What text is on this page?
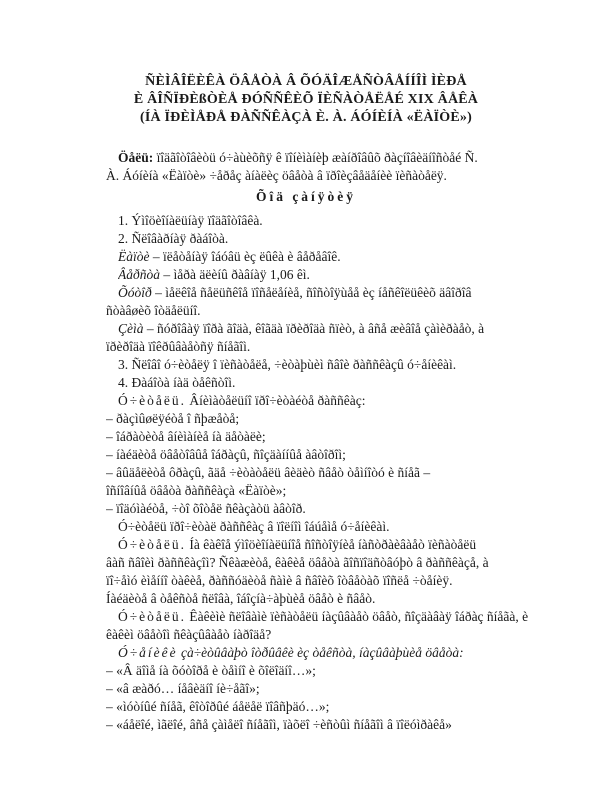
ÑÈÌÂÎËÈÊÀ ÖÂÅÒÀ Â ÕÓÄÎÆÅÑÒÂÅÍÍÎÌ ÌÈÐÅ
È ÂÎÑÏÐÈßÒÈÅ ÐÓÑÑÊÈÕ ÏÈÑÀÒÅËÅÉ XIX ÂÅÊÀ
(ÍÀ ÏÐÈÌÅÐÅ ÐÀÑÑÊÀÇÀ È. À. ÁÓÍÈÍÀ «ËÀÏÒÈ»)
Öåëü: ïîäãîòîâèòü ó÷àùèõñÿ ê ïîíèìàíèþ æàíðîâûõ ðàçíîâèäíîñòåé Ñ.
À. Áóíèíà «Ëàïòè» ÷åðåç àíàëèç öâåòà â ïðîèçâåäåíèè ïèñàòåëÿ.
Õîä çàíÿòèÿ
1. Ýìîöèîíàëüíàÿ ïîäãîòîâêà.
2. Ñëîâàðíàÿ ðàáîòà.
Ëàïòè – ïëåòåíàÿ îáóâü èç ëûêà è âåðåâîê.
Âåðñòà – ìåðà äëèíû ðàâíàÿ 1,06 êì.
Õóòîð – ìåëêîå ñåëüñêîå ïîñåëåíèå, ñîñòîÿùåå èç íåñêîëüêèõ äâîðîâ
ñòàâøèõ îòäåëüíî.
Çèìà – ñóðîâàÿ ïîðà ãîäà, êîãäà ïðèðîäà ñïèò, à âñå æèâîå çàìèðàåò, à
ïðèðîäà ïîêðûâàåòñÿ ñíåãîì.
3. Ñëîâî ó÷èòåëÿ î ïèñàòåëå, ÷èòàþùèì ñâîè ðàññêàçû ó÷åíèêàì.
4. Ðàáîòà íàä òåêñòîì.
Ó÷èòåëü. Âíèìàòåëüíî ïðî÷èòàéòå ðàññêàç:
– ðàçìûøëÿéòå î ñþæåòå;
– îáðàòèòå âíèìàíèå íà äåòàëè;
– íàéäèòå öâåòîâûå îáðàçû, ñîçäàííûå àâòîðîì;
– âûäåëèòå ôðàçû, ãäå ÷èòàòåëü âèäèò ñâåò òåìíîòó è ñíåã –
îñíîâíûå öâåòà ðàññêàçà «Ëàïòè»;
– ïîäóìàéòå, ÷òî õîòåë ñêàçàòü àâòîð.
Ó÷èòåëü ïðî÷èòàë ðàññêàç â ïîëíîì îáúåìå ó÷åíèêàì.
Ó÷èòåëü. Íà êàêîå ýìîöèîíàëüíîå ñîñòîÿíèå íàñòðàèâàåò ïèñàòåëü
âàñ ñâîèì ðàññêàçîì? Ñêàæèòå, êàêèå öâåòà ãîñïîäñòâóþò â ðàññêàçå, à
ïî÷åìó èìåííî òàêèå, ðàññóäèòå ñàìè â ñâîèõ îòâåòàõ ïîñëå ÷òåíèÿ.
Íàéäèòå â òåêñòå ñëîâà, îáîçíà÷àþùèå öâåò è ñâåò.
Ó÷èòåëü. Êàêèìè ñëîâàìè ïèñàòåëü íàçûâàåò öâåò, ñîçäàâàÿ îáðàç ñíåãà, è
êàêèì öâåòîì ñêàçûâàåò íàðîäå?
Ó÷åíèêè çà÷èòûâàþò îòðûâêè èç òåêñòà, íàçûâàþùèå öâåòà:
– «Â äîìå íà õóòîðå è òåìíî è õîëîäíî…»;
– «â æàðó… íåâèäíî íè÷åãî»;
– «ìóòíûé ñíåã, êîòîðûé áåëåë ïîâñþäó…»;
– «áåëîé, ìãëîé, âñå çàìåëî ñíåãîì, ïàõëî ÷èñòûì ñíåãîì â ïîëóìðàêå»
